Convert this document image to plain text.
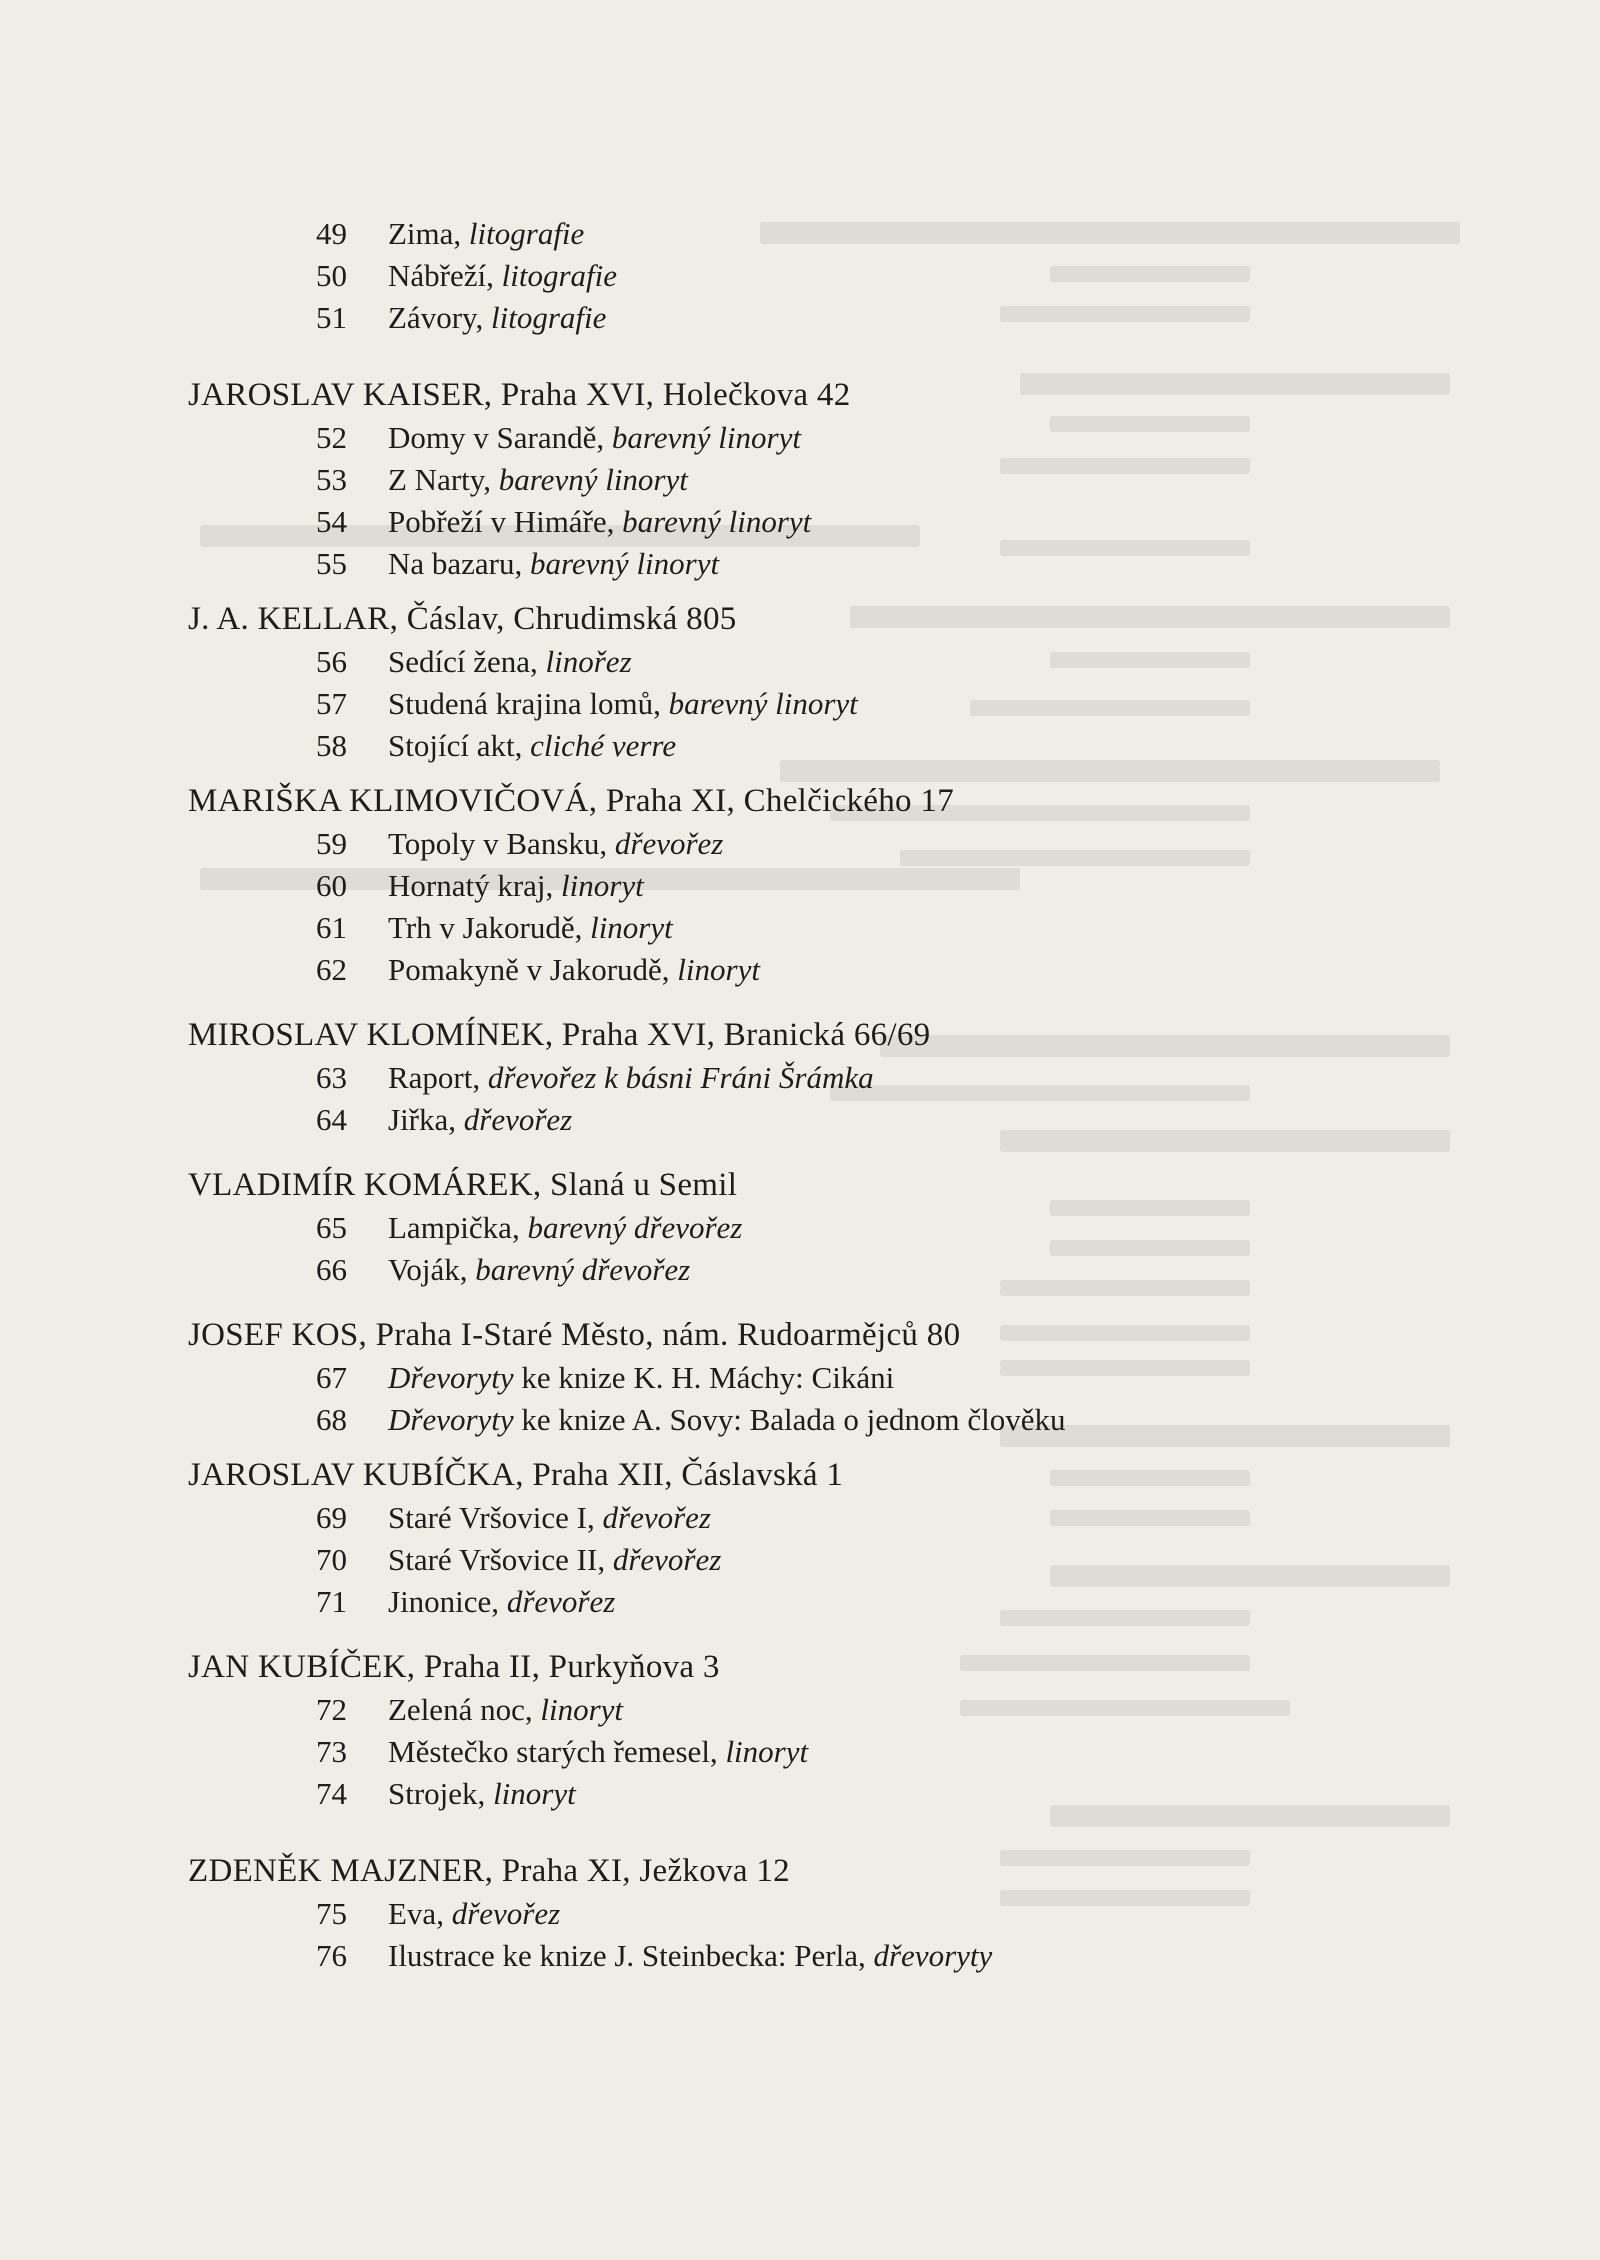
49	Zima, litografie
50	Nábřeží, litografie
51	Závory, litografie
JAROSLAV KAISER, Praha XVI, Holečkova 42
52	Domy v Sarandě, barevný linoryt
53	Z Narty, barevný linoryt
54	Pobřeží v Himáře, barevný linoryt
55	Na bazaru, barevný linoryt
J. A. KELLAR, Čáslav, Chrudimská 805
56	Sedící žena, linořez
57	Studená krajina lomů, barevný linoryt
58	Stojící akt, cliché verre
MARIŠKA KLIMOVIČOVÁ, Praha XI, Chelčického 17
59	Topoly v Bansku, dřevořez
60	Hornatý kraj, linoryt
61	Trh v Jakorudě, linoryt
62	Pomakyně v Jakorudě, linoryt
MIROSLAV KLOMÍNEK, Praha XVI, Branická 66/69
63	Raport, dřevořez k básni Fráni Šrámka
64	Jiřka, dřevořez
VLADIMÍR KOMÁREK, Slaná u Semil
65	Lampička, barevný dřevořez
66	Voják, barevný dřevořez
JOSEF KOS, Praha I-Staré Město, nám. Rudoarmějců 80
67	Dřevoryty ke knize K. H. Máchy: Cikáni
68	Dřevoryty ke knize A. Sovy: Balada o jednom člověku
JAROSLAV KUBÍČKA, Praha XII, Čáslavská 1
69	Staré Vršovice I, dřevořez
70	Staré Vršovice II, dřevořez
71	Jinonice, dřevořez
JAN KUBÍČEK, Praha II, Purkyňova 3
72	Zelená noc, linoryt
73	Městečko starých řemesel, linoryt
74	Strojek, linoryt
ZDENĚK MAJZNER, Praha XI, Ježkova 12
75	Eva, dřevořez
76	Ilustrace ke knize J. Steinbecka: Perla, dřevoryty
